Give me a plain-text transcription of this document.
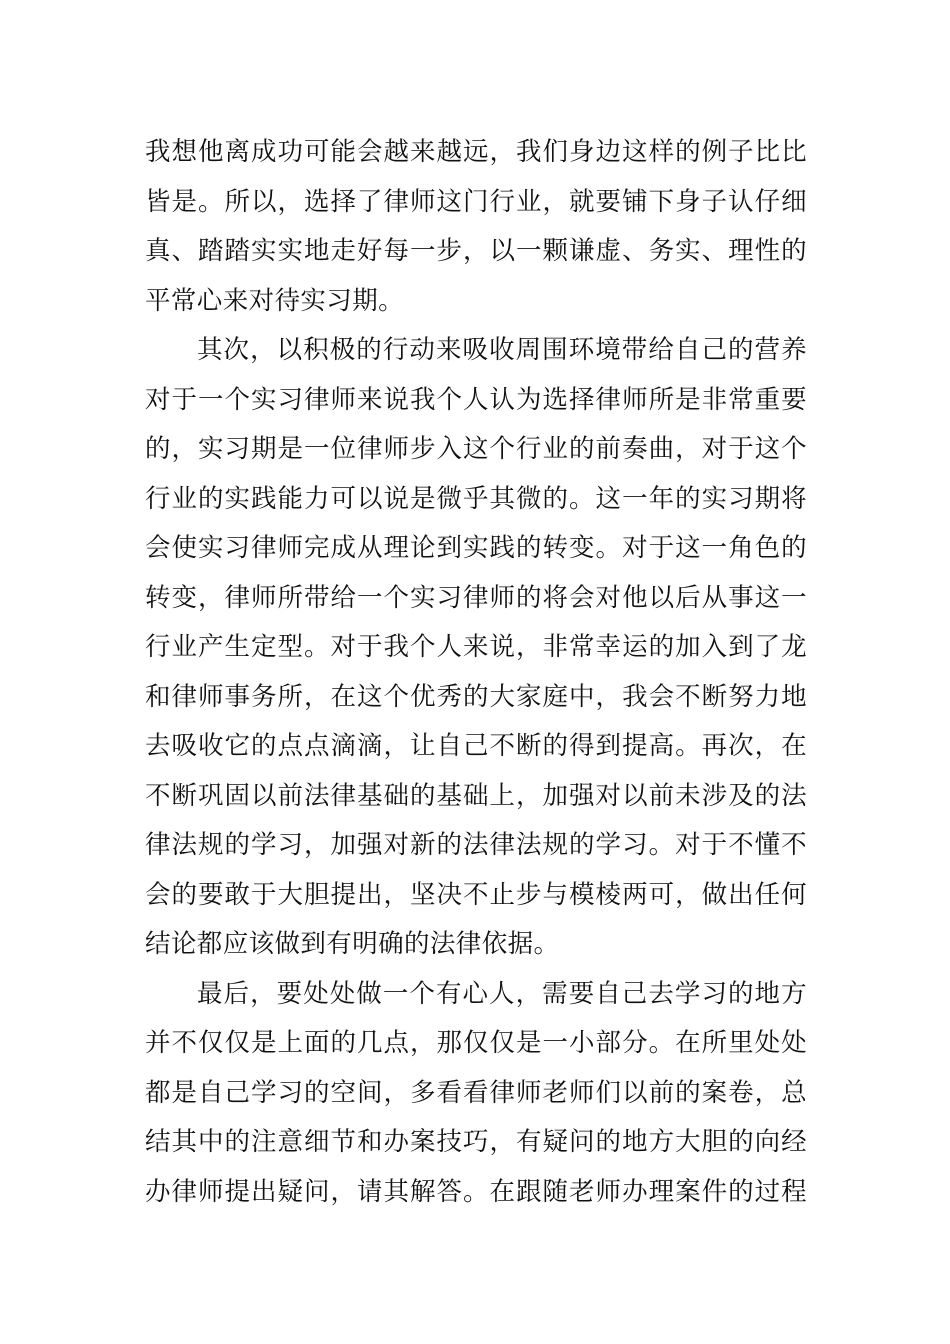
我想他离成功可能会越来越远，我们身边这样的例子比比
皆是。所以，选择了律师这门行业，就要铺下身子认仔细
真、踏踏实实地走好每一步，以一颗谦虚、务实、理性的
平常心来对待实习期。
其次，以积极的行动来吸收周围环境带给自己的营养
对于一个实习律师来说我个人认为选择律师所是非常重要
的，实习期是一位律师步入这个行业的前奏曲，对于这个
行业的实践能力可以说是微乎其微的。这一年的实习期将
会使实习律师完成从理论到实践的转变。对于这一角色的
转变，律师所带给一个实习律师的将会对他以后从事这一
行业产生定型。对于我个人来说，非常幸运的加入到了龙
和律师事务所，在这个优秀的大家庭中，我会不断努力地
去吸收它的点点滴滴，让自己不断的得到提高。再次，在
不断巩固以前法律基础的基础上，加强对以前未涉及的法
律法规的学习，加强对新的法律法规的学习。对于不懂不
会的要敢于大胆提出，坚决不止步与模棱两可，做出任何
结论都应该做到有明确的法律依据。
最后，要处处做一个有心人，需要自己去学习的地方
并不仅仅是上面的几点，那仅仅是一小部分。在所里处处
都是自己学习的空间，多看看律师老师们以前的案卷，总
结其中的注意细节和办案技巧，有疑问的地方大胆的向经
办律师提出疑问，请其解答。在跟随老师办理案件的过程
